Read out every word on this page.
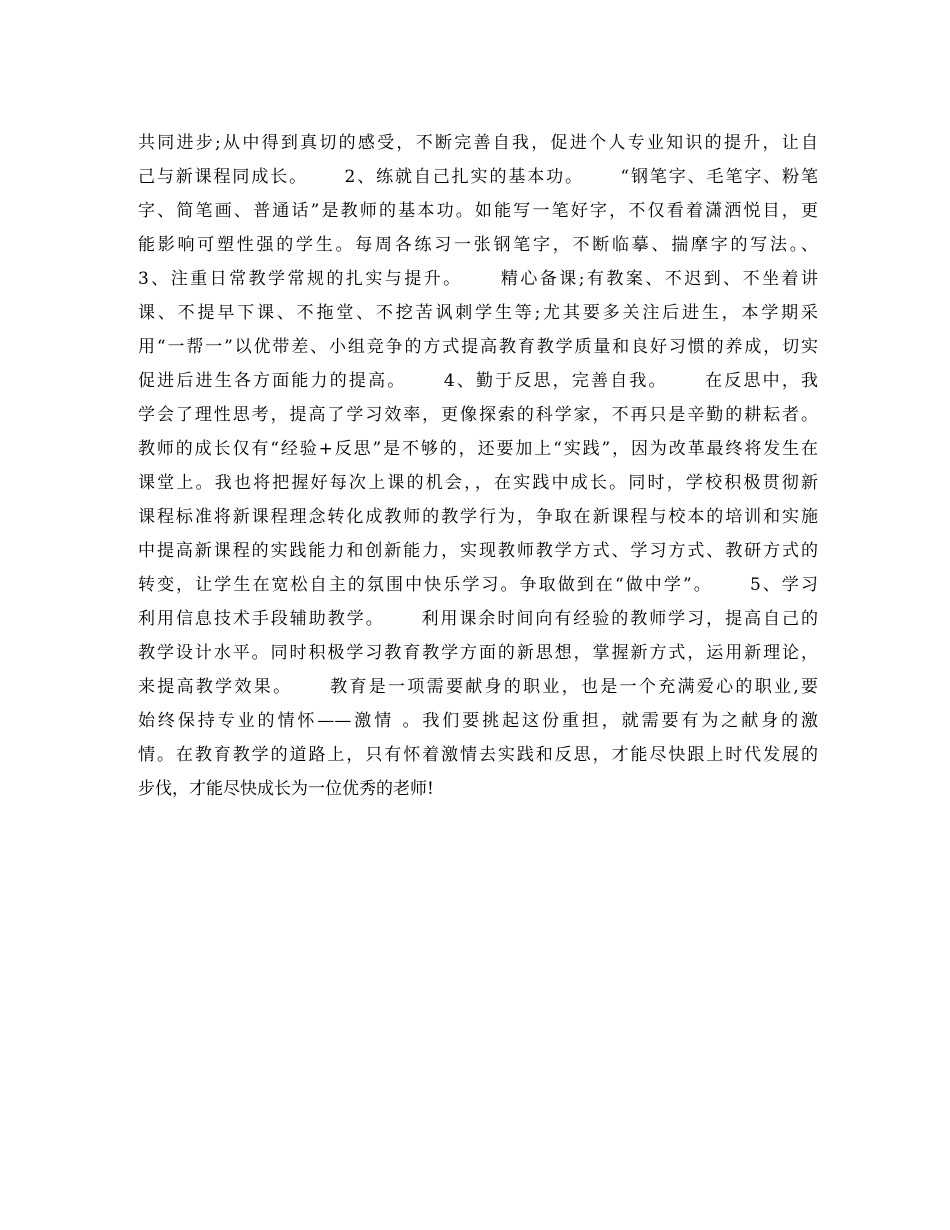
共同进步;从中得到真切的感受，不断完善自我，促进个人专业知识的提升，让自
己与新课程同成长。　　 2、练就自己扎实的基本功。　　 “钢笔字、毛笔字、粉笔
字、简笔画、普通话”是教师的基本功。如能写一笔好字，不仅看着潇洒悦目，更
能影响可塑性强的学生。每周各练习一张钢笔字，不断临摹、揣摩字的写法。、
3、注重日常教学常规的扎实与提升。　　 精心备课;有教案、不迟到、不坐着讲
课、不提早下课、不拖堂、不挖苦讽刺学生等;尤其要多关注后进生，本学期采
用“一帮一”以优带差、小组竞争的方式提高教育教学质量和良好习惯的养成，切实
促进后进生各方面能力的提高。　　 4、勤于反思，完善自我。　　 在反思中，我
学会了理性思考，提高了学习效率，更像探索的科学家，不再只是辛勤的耕耘者。
教师的成长仅有“经验+反思”是不够的，还要加上“实践”，因为改革最终将发生在
课堂上。我也将把握好每次上课的机会，，在实践中成长。同时，学校积极贯彻新
课程标准将新课程理念转化成教师的教学行为，争取在新课程与校本的培训和实施
中提高新课程的实践能力和创新能力，实现教师教学方式、学习方式、教研方式的
转变，让学生在宽松自主的氛围中快乐学习。争取做到在“做中学”。　　 5、学习
利用信息技术手段辅助教学。　　 利用课余时间向有经验的教师学习，提高自己的
教学设计水平。同时积极学习教育教学方面的新思想，掌握新方式，运用新理论，
来提高教学效果。　　 教育是一项需要献身的职业，也是一个充满爱心的职业,要
始终保持专业的情怀——激情 。我们要挑起这份重担，就需要有为之献身的激
情。在教育教学的道路上，只有怀着激情去实践和反思，才能尽快跟上时代发展的
步伐，才能尽快成长为一位优秀的老师!
